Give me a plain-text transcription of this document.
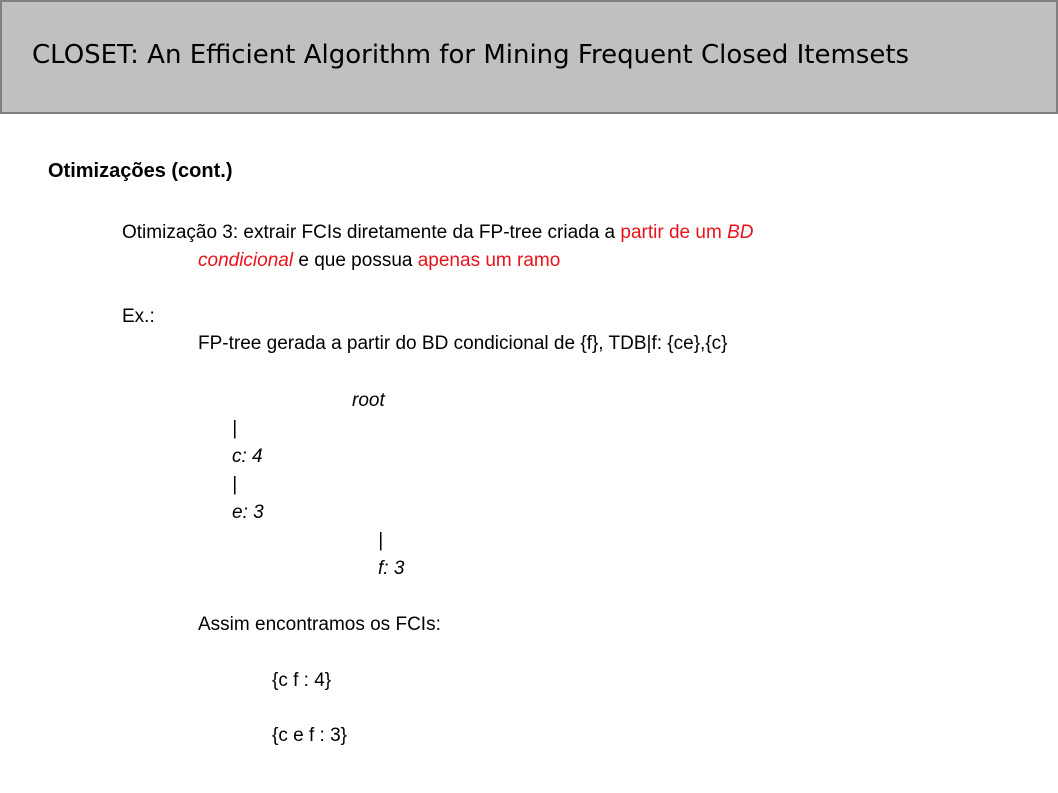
CLOSET: An Efficient Algorithm for Mining Frequent Closed Itemsets
Otimizações (cont.)
Otimização 3: extrair FCIs diretamente da FP-tree criada a partir de um BD
condicional e que possua apenas um ramo
Ex.:
FP-tree gerada a partir do BD condicional de {f}, TDB|f: {ce},{c}
root
|
c: 4
|
e: 3
|
f: 3
Assim encontramos os FCIs:
{c f : 4}
{c e f : 3}
